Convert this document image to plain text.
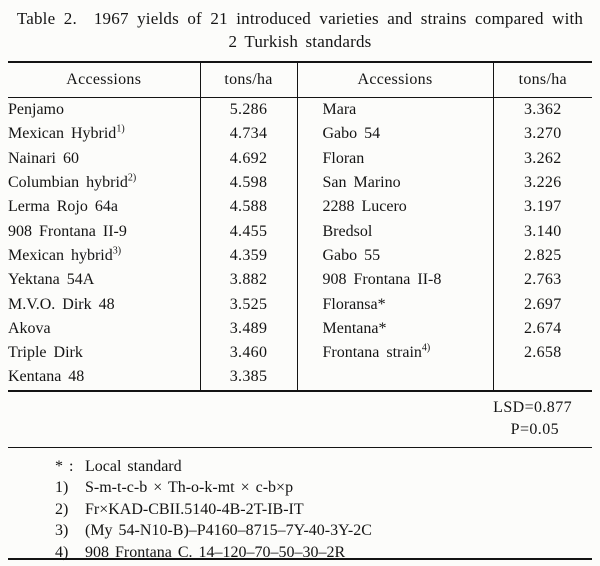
Table 2.  1967 yields of 21 introduced varieties and strains compared with
2 Turkish standards
Accessions	tons/ha	Accessions	tons/ha
Penjamo	5.286	Mara	3.362
Mexican Hybrid$^{1)}$	4.734	Gabo 54	3.270
Nainari 60	4.692	Floran	3.262
Columbian hybrid$^{2)}$	4.598	San Marino	3.226
Lerma Rojo 64a	4.588	2288 Lucero	3.197
908 Frontana II-9	4.455	Bredsol	3.140
Mexican hybrid$^{3)}$	4.359	Gabo 55	2.825
Yektana 54A	3.882	908 Frontana II-8	2.763
M.V.O. Dirk 48	3.525	Floransa*	2.697
Akova	3.489	Mentana*	2.674
Triple Dirk	3.460	Frontana strain$^{4)}$	2.658
Kentana 48	3.385		
LSD=0.877
P=0.05
* : Local standard
1) S-m-t-c-b × Th-o-k-mt × c-b×p
2) Fr×KAD-CBII.5140-4B-2T-IB-IT
3) (My 54-N10-B)–P4160–8715–7Y-40-3Y-2C
4) 908 Frontana C. 14–120–70–50–30–2R
